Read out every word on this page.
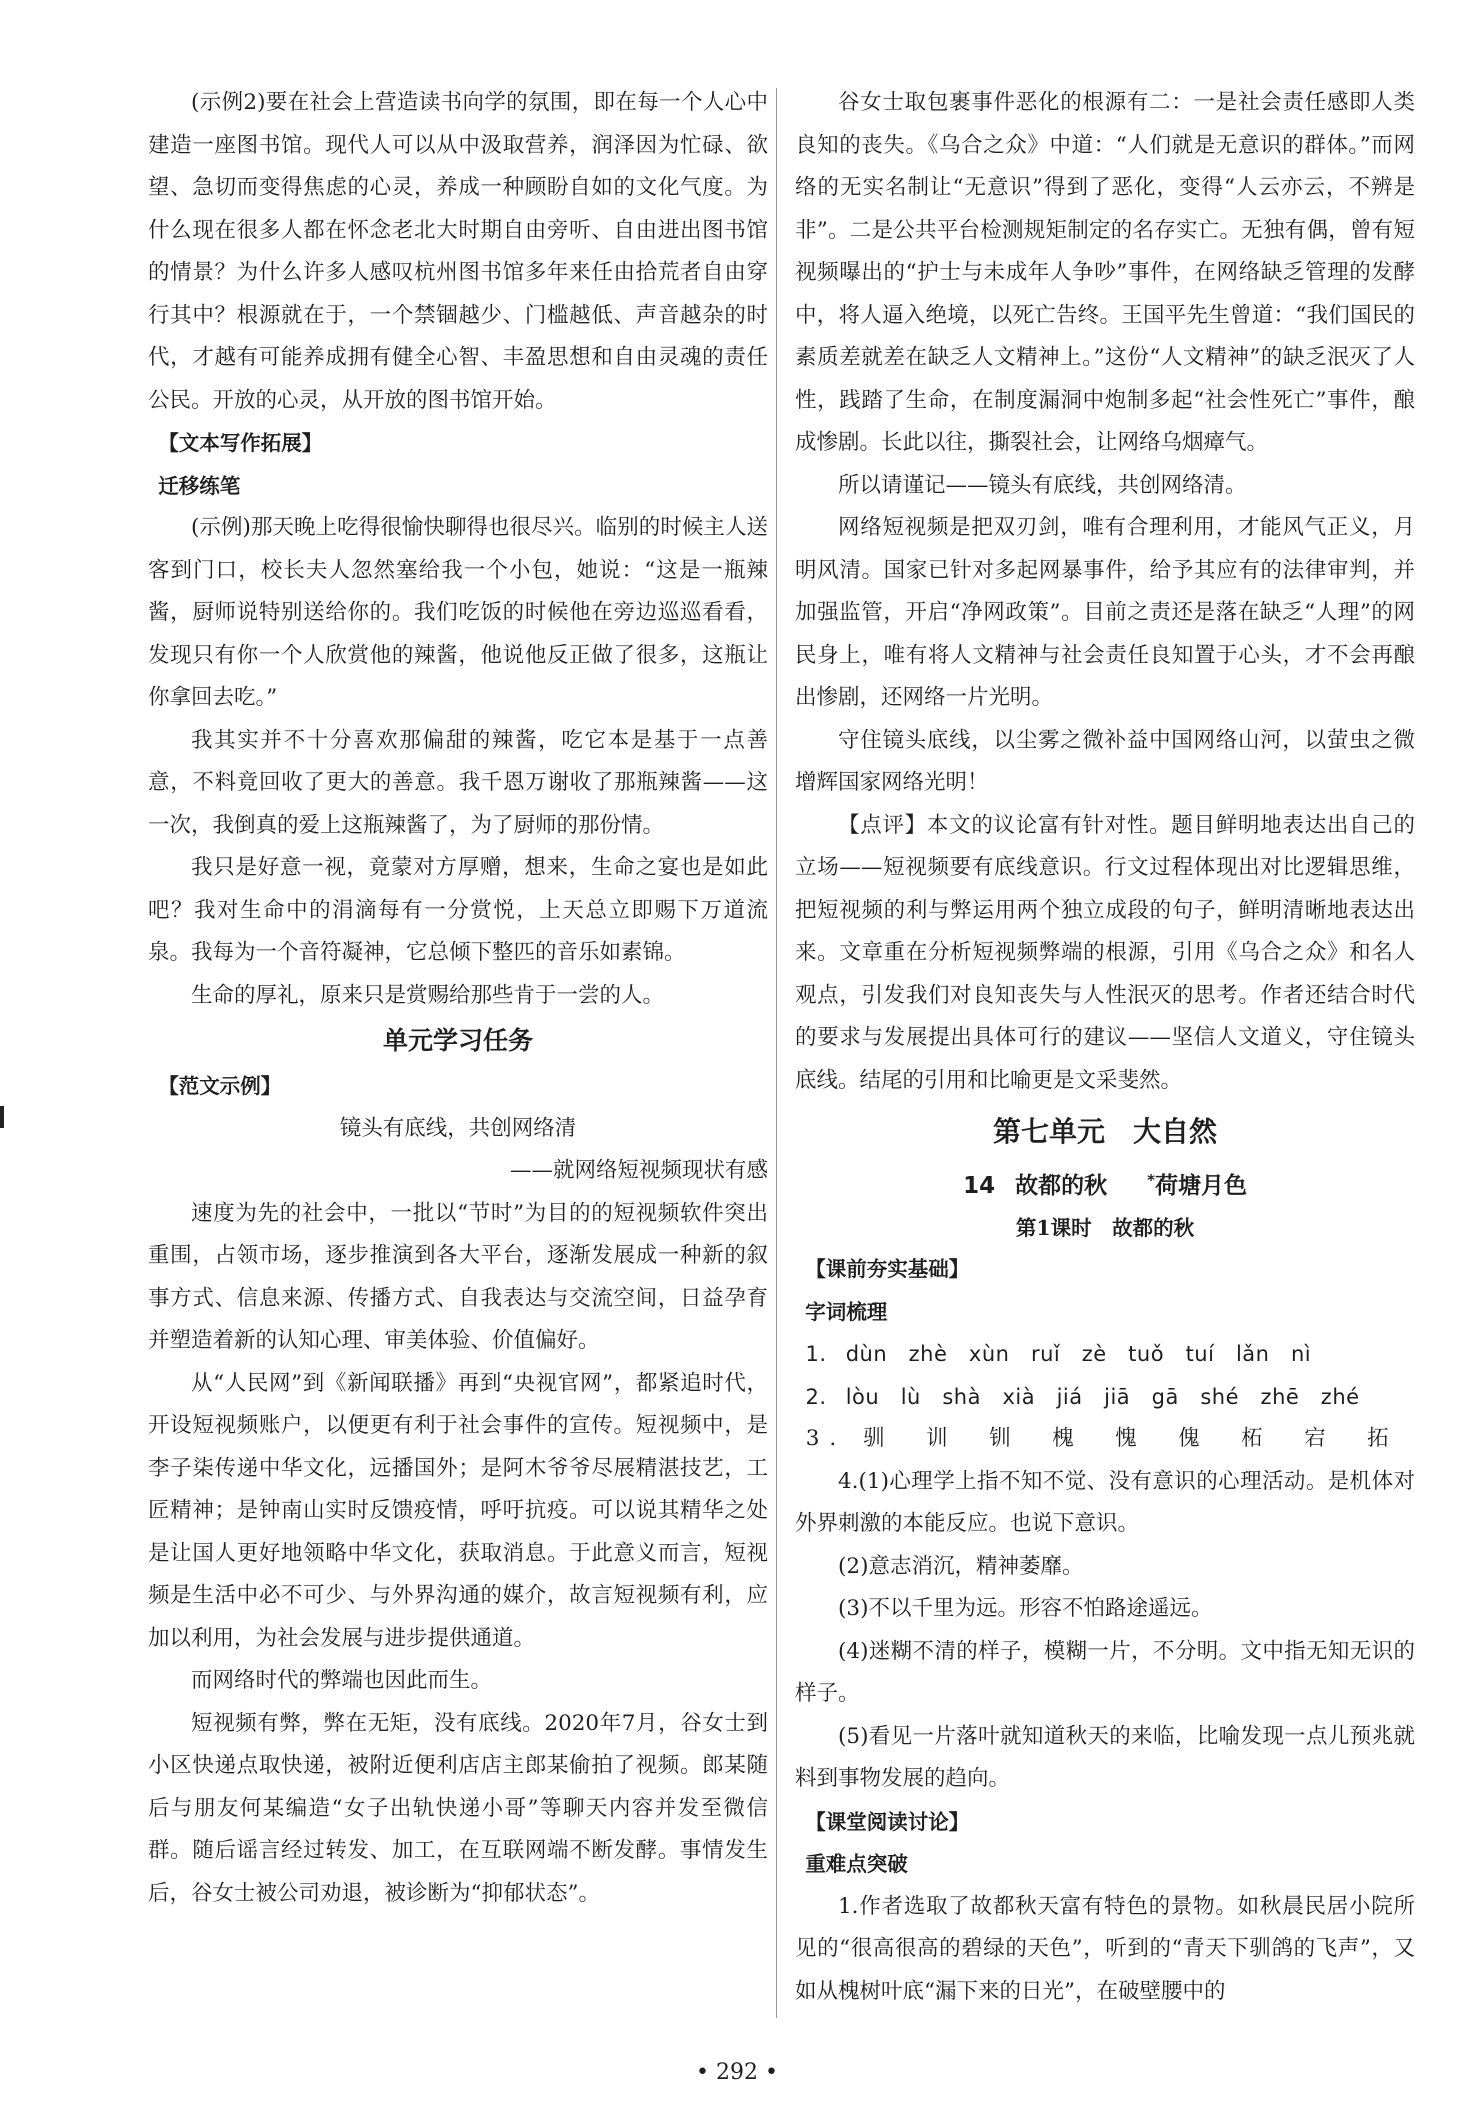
(示例2)要在社会上营造读书向学的氛围，即在每一个人心中建造一座图书馆。现代人可以从中汲取营养，润泽因为忙碌、欲望、急切而变得焦虑的心灵，养成一种顾盼自如的文化气度。为什么现在很多人都在怀念老北大时期自由旁听、自由进出图书馆的情景？为什么许多人感叹杭州图书馆多年来任由拾荒者自由穿行其中？根源就在于，一个禁锢越少、门槛越低、声音越杂的时代，才越有可能养成拥有健全心智、丰盈思想和自由灵魂的责任公民。开放的心灵，从开放的图书馆开始。

【文本写作拓展】

迁移练笔

(示例)那天晚上吃得很愉快聊得也很尽兴。临别的时候主人送客到门口，校长夫人忽然塞给我一个小包，她说：“这是一瓶辣酱，厨师说特别送给你的。我们吃饭的时候他在旁边巡巡看看，发现只有你一个人欣赏他的辣酱，他说他反正做了很多，这瓶让你拿回去吃。”

我其实并不十分喜欢那偏甜的辣酱，吃它本是基于一点善意，不料竟回收了更大的善意。我千恩万谢收了那瓶辣酱——这一次，我倒真的爱上这瓶辣酱了，为了厨师的那份情。

我只是好意一视，竟蒙对方厚赠，想来，生命之宴也是如此吧？我对生命中的涓滴每有一分赏悦，上天总立即赐下万道流泉。我每为一个音符凝神，它总倾下整匹的音乐如素锦。

生命的厚礼，原来只是赏赐给那些肯于一尝的人。

单元学习任务

【范文示例】

镜头有底线，共创网络清

——就网络短视频现状有感

速度为先的社会中，一批以“节时”为目的的短视频软件突出重围，占领市场，逐步推演到各大平台，逐渐发展成一种新的叙事方式、信息来源、传播方式、自我表达与交流空间，日益孕育并塑造着新的认知心理、审美体验、价值偏好。

从“人民网”到《新闻联播》再到“央视官网”，都紧追时代，开设短视频账户，以便更有利于社会事件的宣传。短视频中，是李子柒传递中华文化，远播国外；是阿木爷爷尽展精湛技艺，工匠精神；是钟南山实时反馈疫情，呼吁抗疫。可以说其精华之处是让国人更好地领略中华文化，获取消息。于此意义而言，短视频是生活中必不可少、与外界沟通的媒介，故言短视频有利，应加以利用，为社会发展与进步提供通道。

而网络时代的弊端也因此而生。

短视频有弊，弊在无矩，没有底线。2020年7月，谷女士到小区快递点取快递，被附近便利店店主郎某偷拍了视频。郎某随后与朋友何某编造“女子出轨快递小哥”等聊天内容并发至微信群。随后谣言经过转发、加工，在互联网端不断发酵。事情发生后，谷女士被公司劝退，被诊断为“抑郁状态”。

谷女士取包裹事件恶化的根源有二：一是社会责任感即人类良知的丧失。《乌合之众》中道：“人们就是无意识的群体。”而网络的无实名制让“无意识”得到了恶化，变得“人云亦云，不辨是非”。二是公共平台检测规矩制定的名存实亡。无独有偶，曾有短视频曝出的“护士与未成年人争吵”事件，在网络缺乏管理的发酵中，将人逼入绝境，以死亡告终。王国平先生曾道：“我们国民的素质差就差在缺乏人文精神上。”这份“人文精神”的缺乏泯灭了人性，践踏了生命，在制度漏洞中炮制多起“社会性死亡”事件，酿成惨剧。长此以往，撕裂社会，让网络乌烟瘴气。

所以请谨记——镜头有底线，共创网络清。

网络短视频是把双刃剑，唯有合理利用，才能风气正义，月明风清。国家已针对多起网暴事件，给予其应有的法律审判，并加强监管，开启“净网政策”。目前之责还是落在缺乏“人理”的网民身上，唯有将人文精神与社会责任良知置于心头，才不会再酿出惨剧，还网络一片光明。

守住镜头底线，以尘雾之微补益中国网络山河，以萤虫之微增辉国家网络光明！

【点评】本文的议论富有针对性。题目鲜明地表达出自己的立场——短视频要有底线意识。行文过程体现出对比逻辑思维，把短视频的利与弊运用两个独立成段的句子，鲜明清晰地表达出来。文章重在分析短视频弊端的根源，引用《乌合之众》和名人观点，引发我们对良知丧失与人性泯灭的思考。作者还结合时代的要求与发展提出具体可行的建议——坚信人文道义，守住镜头底线。结尾的引用和比喻更是文采斐然。

第七单元　大自然

14 故都的秋	*荷塘月色

第1课时　故都的秋

【课前夯实基础】

字词梳理

1. dùn　zhè　xùn　ruǐ　zè　tuǒ　tuí　lǎn　nì

2. lòu　lù　shà　xià　jiá　jiā　gā　shé　zhē　zhé

3. 驯　训　钏　槐　愧　傀　柘　宕　拓

4.(1)心理学上指不知不觉、没有意识的心理活动。是机体对外界刺激的本能反应。也说下意识。

(2)意志消沉，精神萎靡。

(3)不以千里为远。形容不怕路途遥远。

(4)迷糊不清的样子，模糊一片，不分明。文中指无知无识的样子。

(5)看见一片落叶就知道秋天的来临，比喻发现一点儿预兆就料到事物发展的趋向。

【课堂阅读讨论】

重难点突破

1.作者选取了故都秋天富有特色的景物。如秋晨民居小院所见的“很高很高的碧绿的天色”，听到的“青天下驯鸽的飞声”，又如从槐树叶底“漏下来的日光”，在破壁腰中的

• 292 •
